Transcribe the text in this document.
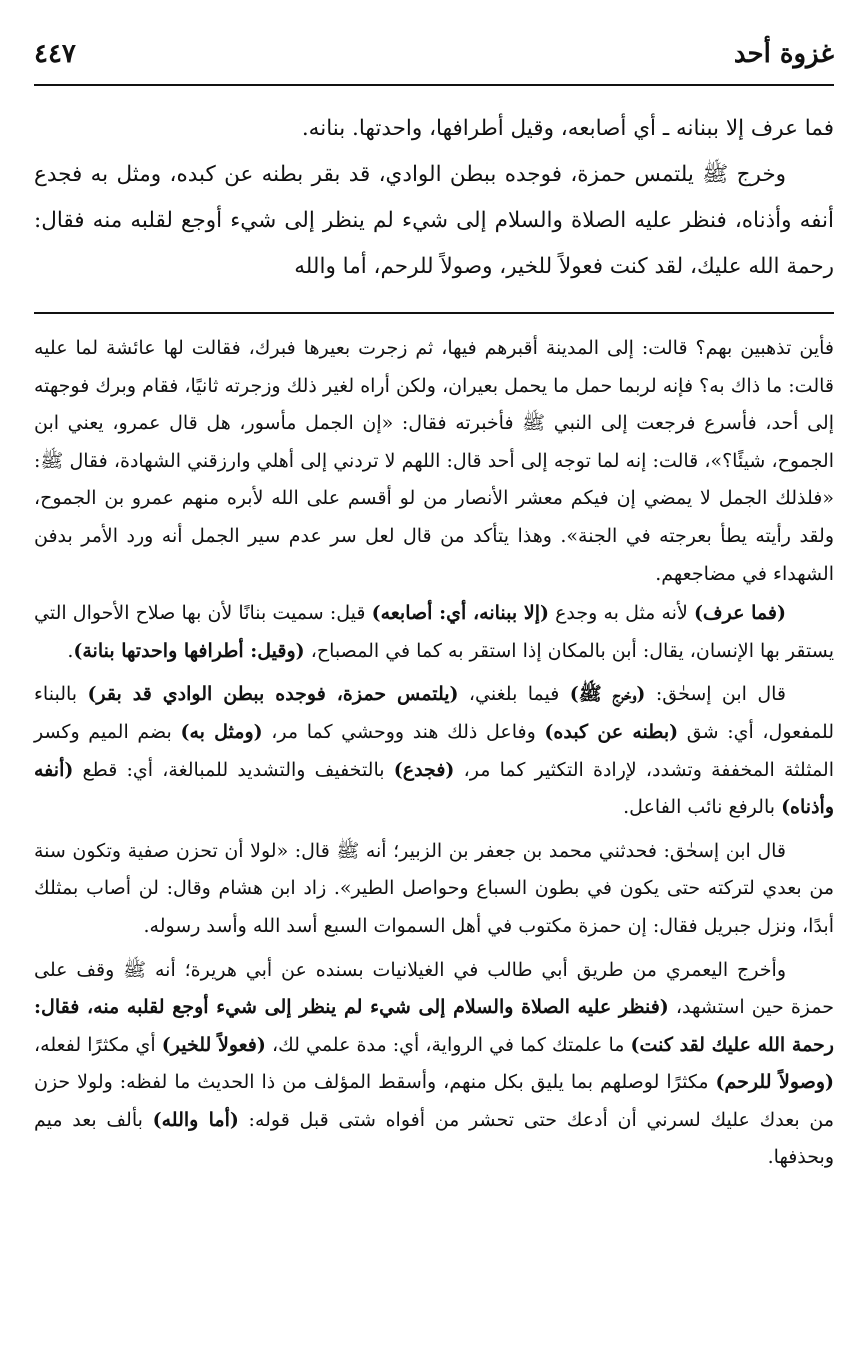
غزوة أحد
٤٤٧

فما عرف إلا ببنانه ـ أي أصابعه، وقيل أطرافها، واحدتها. بنانه.

وخرج ﷺ يلتمس حمزة، فوجده ببطن الوادي، قد بقر بطنه عن كبده، ومثل به فجدع أنفه وأذناه، فنظر عليه الصلاة والسلام إلى شيء لم ينظر إلى شيء أوجع لقلبه منه فقال: رحمة الله عليك، لقد كنت فعولاً للخير، وصولاً للرحم، أما والله

فأين تذهبين بهم؟ قالت: إلى المدينة أقبرهم فيها، ثم زجرت بعيرها فبرك، فقالت لها عائشة لما عليه قالت: ما ذاك به؟ فإنه لربما حمل ما يحمل بعيران، ولكن أراه لغير ذلك وزجرته ثانيًا، فقام وبرك فوجهته إلى أحد، فأسرع فرجعت إلى النبي ﷺ فأخبرته فقال: «إن الجمل مأسور، هل قال عمرو، يعني ابن الجموح، شيئًا؟»، قالت: إنه لما توجه إلى أحد قال: اللهم لا تردني إلى أهلي وارزقني الشهادة، فقال ﷺ: «فلذلك الجمل لا يمضي إن فيكم معشر الأنصار من لو أقسم على الله لأبره منهم عمرو بن الجموح، ولقد رأيته يطأ بعرجته في الجنة». وهذا يتأكد من قال لعل سر عدم سير الجمل أنه ورد الأمر بدفن الشهداء في مضاجعهم.

(فما عرف) لأنه مثل به وجدع (إلا ببنانه، أي: أصابعه) قيل: سميت بنانًا لأن بها صلاح الأحوال التي يستقر بها الإنسان، يقال: أبن بالمكان إذا استقر به كما في المصباح، (وقيل: أطرافها واحدتها بنانة).

قال ابن إسحٰق: (وخرج ﷺ) فيما بلغني، (يلتمس حمزة، فوجده ببطن الوادي قد بقر) بالبناء للمفعول، أي: شق (بطنه عن كبده) وفاعل ذلك هند ووحشي كما مر، (ومثل به) بضم الميم وكسر المثلثة المخففة وتشدد، لإرادة التكثير كما مر، (فجدع) بالتخفيف والتشديد للمبالغة، أي: قطع (أنفه وأذناه) بالرفع نائب الفاعل.

قال ابن إسحٰق: فحدثني محمد بن جعفر بن الزبير؛ أنه ﷺ قال: «لولا أن تحزن صفية وتكون سنة من بعدي لتركته حتى يكون في بطون السباع وحواصل الطير». زاد ابن هشام وقال: لن أصاب بمثلك أبدًا، ونزل جبريل فقال: إن حمزة مكتوب في أهل السموات السبع أسد الله وأسد رسوله.

وأخرج اليعمري من طريق أبي طالب في الغيلانيات بسنده عن أبي هريرة؛ أنه ﷺ وقف على حمزة حين استشهد، (فنظر عليه الصلاة والسلام إلى شيء لم ينظر إلى شيء أوجع لقلبه منه، فقال: رحمة الله عليك لقد كنت) ما علمتك كما في الرواية، أي: مدة علمي لك، (فعولاً للخير) أي مكثرًا لفعله، (وصولاً للرحم) مكثرًا لوصلهم بما يليق بكل منهم، وأسقط المؤلف من ذا الحديث ما لفظه: ولولا حزن من بعدك عليك لسرني أن أدعك حتى تحشر من أفواه شتى قبل قوله: (أما والله) بألف بعد ميم وبحذفها.
